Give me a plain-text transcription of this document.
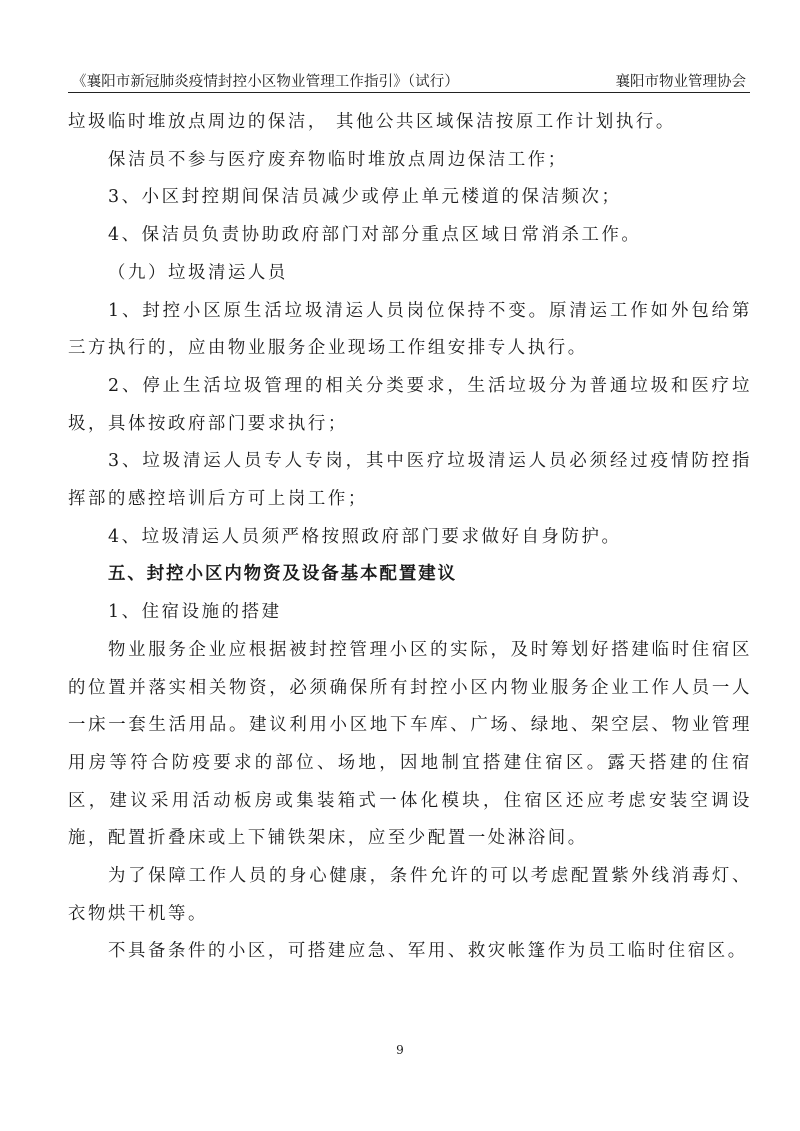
《襄阳市新冠肺炎疫情封控小区物业管理工作指引》（试行）	襄阳市物业管理协会

垃圾临时堆放点周边的保洁， 其他公共区域保洁按原工作计划执行。

保洁员不参与医疗废弃物临时堆放点周边保洁工作；

3、小区封控期间保洁员减少或停止单元楼道的保洁频次；

4、保洁员负责协助政府部门对部分重点区域日常消杀工作。

（九）垃圾清运人员

1、封控小区原生活垃圾清运人员岗位保持不变。原清运工作如外包给第三方执行的，应由物业服务企业现场工作组安排专人执行。

2、停止生活垃圾管理的相关分类要求，生活垃圾分为普通垃圾和医疗垃圾，具体按政府部门要求执行；

3、垃圾清运人员专人专岗，其中医疗垃圾清运人员必须经过疫情防控指挥部的感控培训后方可上岗工作；

4、垃圾清运人员须严格按照政府部门要求做好自身防护。

五、封控小区内物资及设备基本配置建议

1、住宿设施的搭建

物业服务企业应根据被封控管理小区的实际，及时筹划好搭建临时住宿区的位置并落实相关物资，必须确保所有封控小区内物业服务企业工作人员一人一床一套生活用品。建议利用小区地下车库、广场、绿地、架空层、物业管理用房等符合防疫要求的部位、场地，因地制宜搭建住宿区。露天搭建的住宿区，建议采用活动板房或集装箱式一体化模块，住宿区还应考虑安装空调设施，配置折叠床或上下铺铁架床，应至少配置一处淋浴间。

为了保障工作人员的身心健康，条件允许的可以考虑配置紫外线消毒灯、衣物烘干机等。

不具备条件的小区，可搭建应急、军用、救灾帐篷作为员工临时住宿区。

9
